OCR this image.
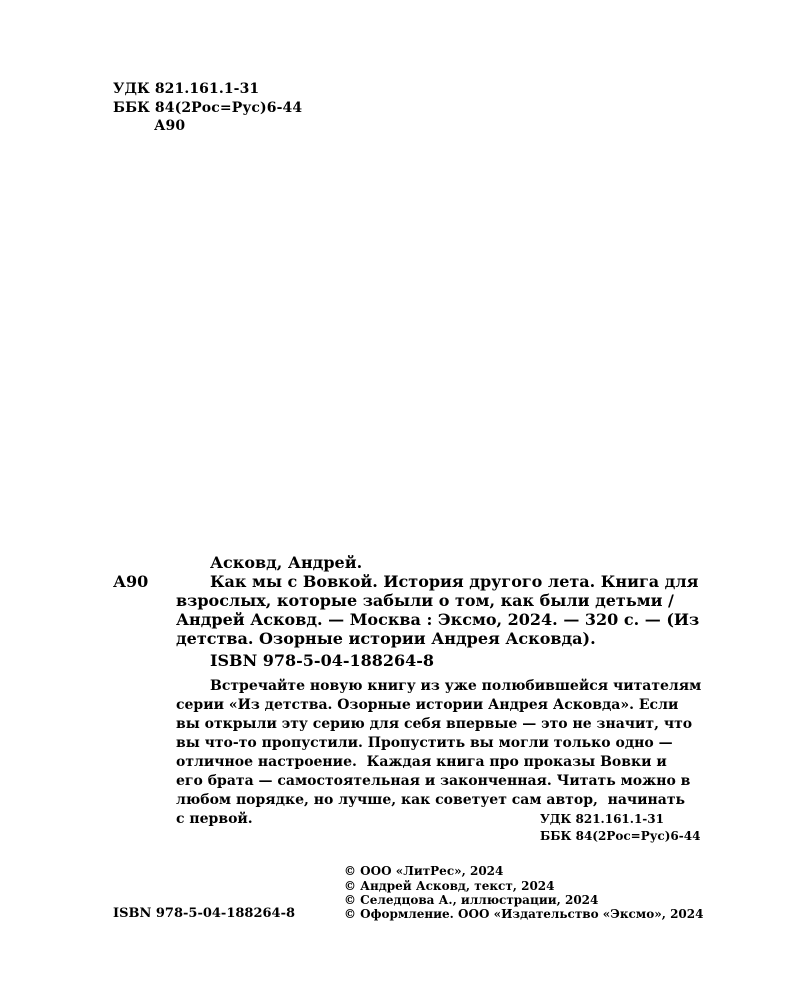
УДК 821.161.1-31
ББК 84(2Рос=Рус)6-44
А90
Асковд, Андрей.
А90	Как мы с Вовкой. История другого лета. Книга для
взрослых, которые забыли о том, как были детьми /
Андрей Асковд. — Москва : Эксмо, 2024. — 320 с. — (Из
детства. Озорные истории Андрея Асковда).
ISBN 978-5-04-188264-8
Встречайте новую книгу из уже полюбившейся читателям
серии «Из детства. Озорные истории Андрея Асковда». Если
вы открыли эту серию для себя впервые — это не значит, что
вы что-то пропустили. Пропустить вы могли только одно —
отличное настроение.  Каждая книга про проказы Вовки и
его брата — самостоятельная и законченная. Читать можно в
любом порядке, но лучше, как советует сам автор,  начинать
с первой.	УДК 821.161.1-31
ББК 84(2Рос=Рус)6-44
© ООО «ЛитРес», 2024
© Андрей Асковд, текст, 2024
© Селедцова А., иллюстрации, 2024
© Оформление. ООО «Издательство «Эксмо», 2024
ISBN 978-5-04-188264-8
